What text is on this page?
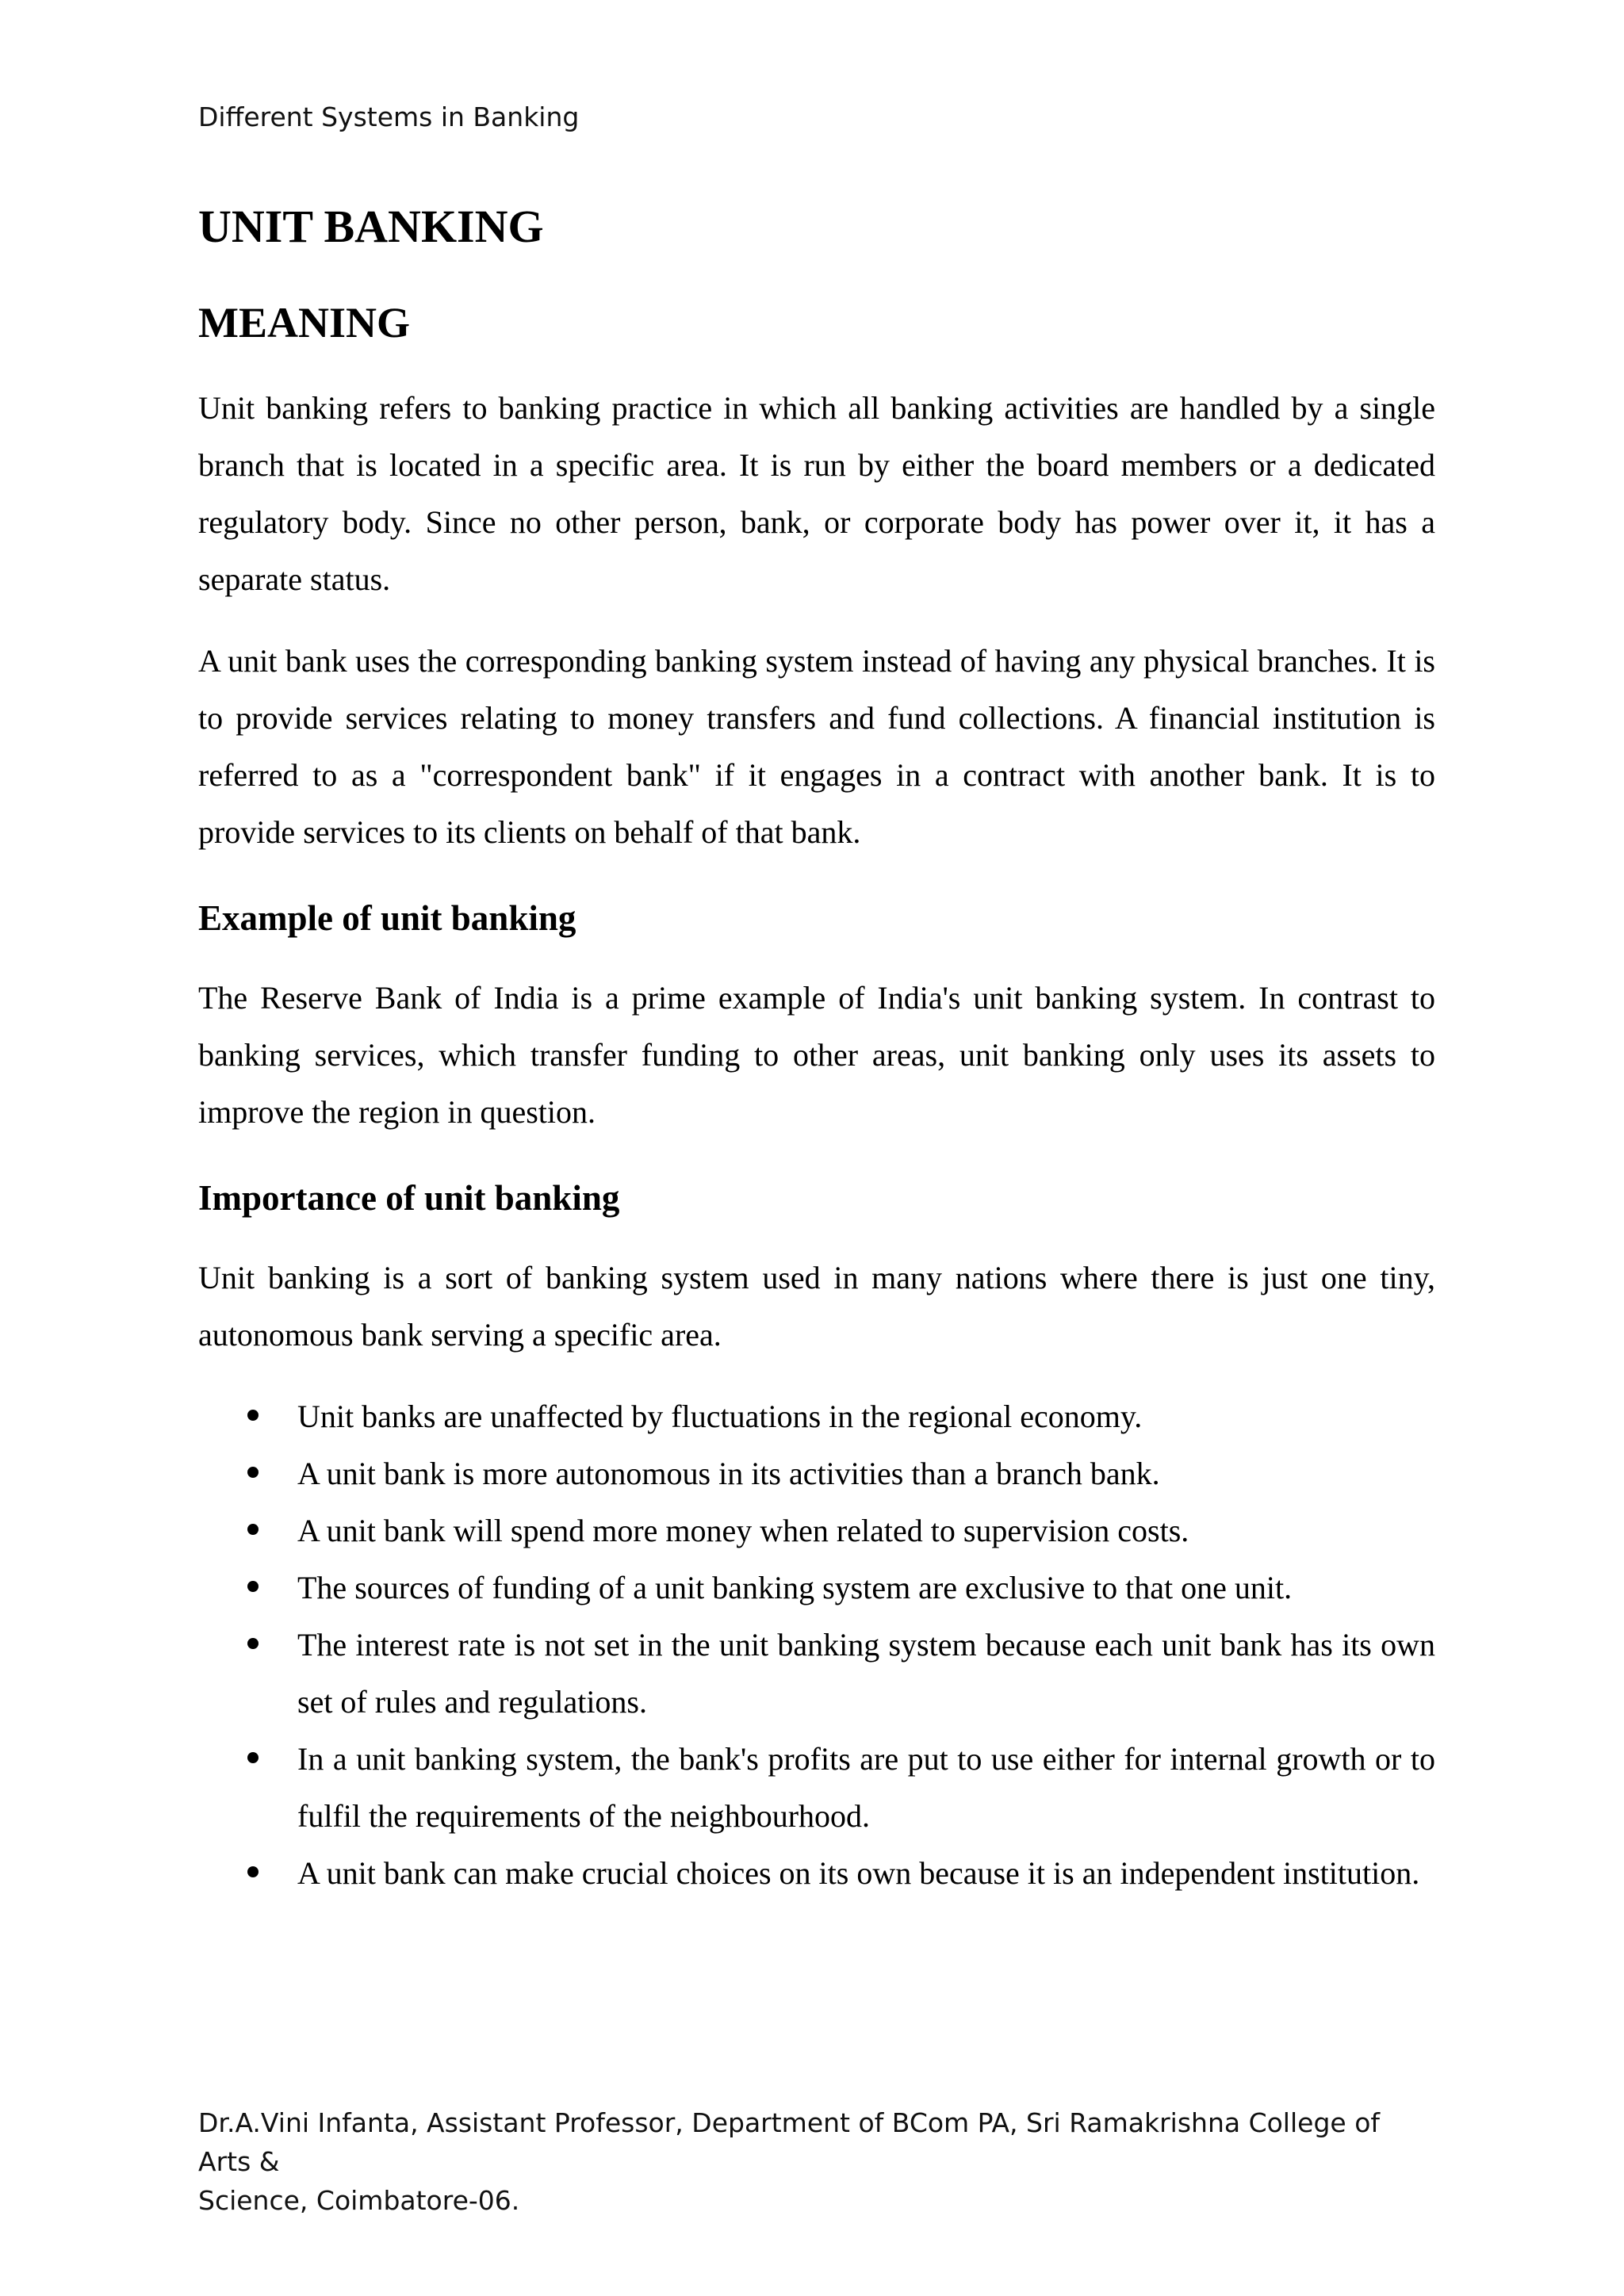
Different Systems in Banking
UNIT BANKING
MEANING

Unit banking refers to banking practice in which all banking activities are handled by a single branch that is located in a specific area. It is run by either the board members or a dedicated regulatory body. Since no other person, bank, or corporate body has power over it, it has a separate status.

A unit bank uses the corresponding banking system instead of having any physical branches. It is to provide services relating to money transfers and fund collections. A financial institution is referred to as a "correspondent bank" if it engages in a contract with another bank. It is to provide services to its clients on behalf of that bank.

Example of unit banking

The Reserve Bank of India is a prime example of India's unit banking system. In contrast to banking services, which transfer funding to other areas, unit banking only uses its assets to improve the region in question.

Importance of unit banking

Unit banking is a sort of banking system used in many nations where there is just one tiny, autonomous bank serving a specific area.

Unit banks are unaffected by fluctuations in the regional economy.
A unit bank is more autonomous in its activities than a branch bank.
A unit bank will spend more money when related to supervision costs.
The sources of funding of a unit banking system are exclusive to that one unit.
The interest rate is not set in the unit banking system because each unit bank has its own set of rules and regulations.
In a unit banking system, the bank's profits are put to use either for internal growth or to fulfil the requirements of the neighbourhood.
A unit bank can make crucial choices on its own because it is an independent institution.
Dr.A.Vini Infanta, Assistant Professor, Department of BCom PA, Sri Ramakrishna College of Arts &
Science, Coimbatore-06.
